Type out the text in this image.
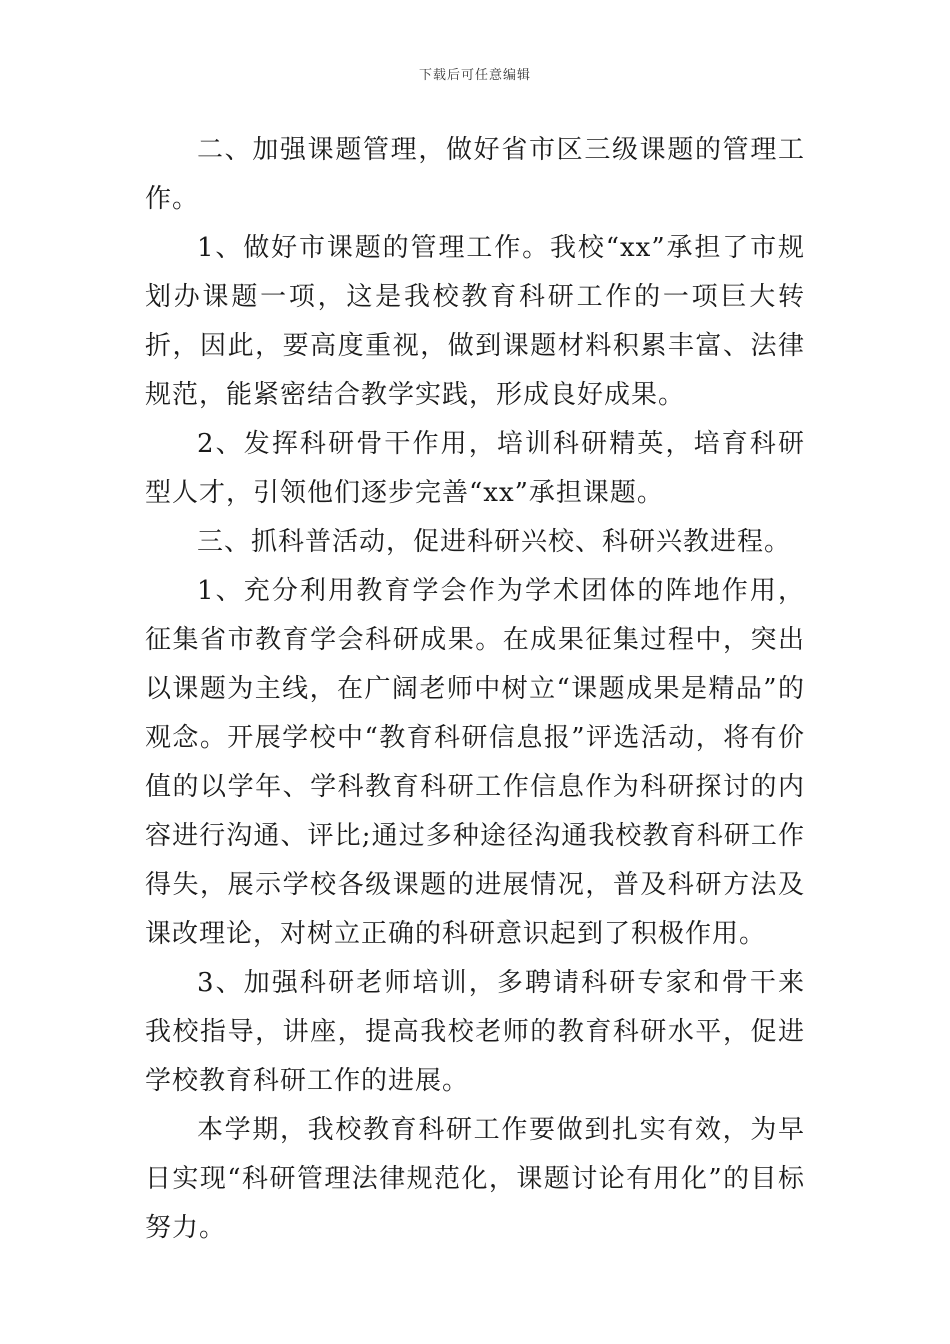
下载后可任意编辑

二、加强课题管理，做好省市区三级课题的管理工作。

1、做好市课题的管理工作。我校“xx”承担了市规划办课题一项，这是我校教育科研工作的一项巨大转折，因此，要高度重视，做到课题材料积累丰富、法律规范，能紧密结合教学实践，形成良好成果。

2、发挥科研骨干作用，培训科研精英，培育科研型人才，引领他们逐步完善“xx”承担课题。

三、抓科普活动，促进科研兴校、科研兴教进程。

1、充分利用教育学会作为学术团体的阵地作用，征集省市教育学会科研成果。在成果征集过程中，突出以课题为主线，在广阔老师中树立“课题成果是精品”的观念。开展学校中“教育科研信息报”评选活动，将有价值的以学年、学科教育科研工作信息作为科研探讨的内容进行沟通、评比;通过多种途径沟通我校教育科研工作得失，展示学校各级课题的进展情况，普及科研方法及课改理论，对树立正确的科研意识起到了积极作用。

3、加强科研老师培训，多聘请科研专家和骨干来我校指导，讲座，提高我校老师的教育科研水平，促进学校教育科研工作的进展。

本学期，我校教育科研工作要做到扎实有效，为早日实现“科研管理法律规范化，课题讨论有用化”的目标努力。
